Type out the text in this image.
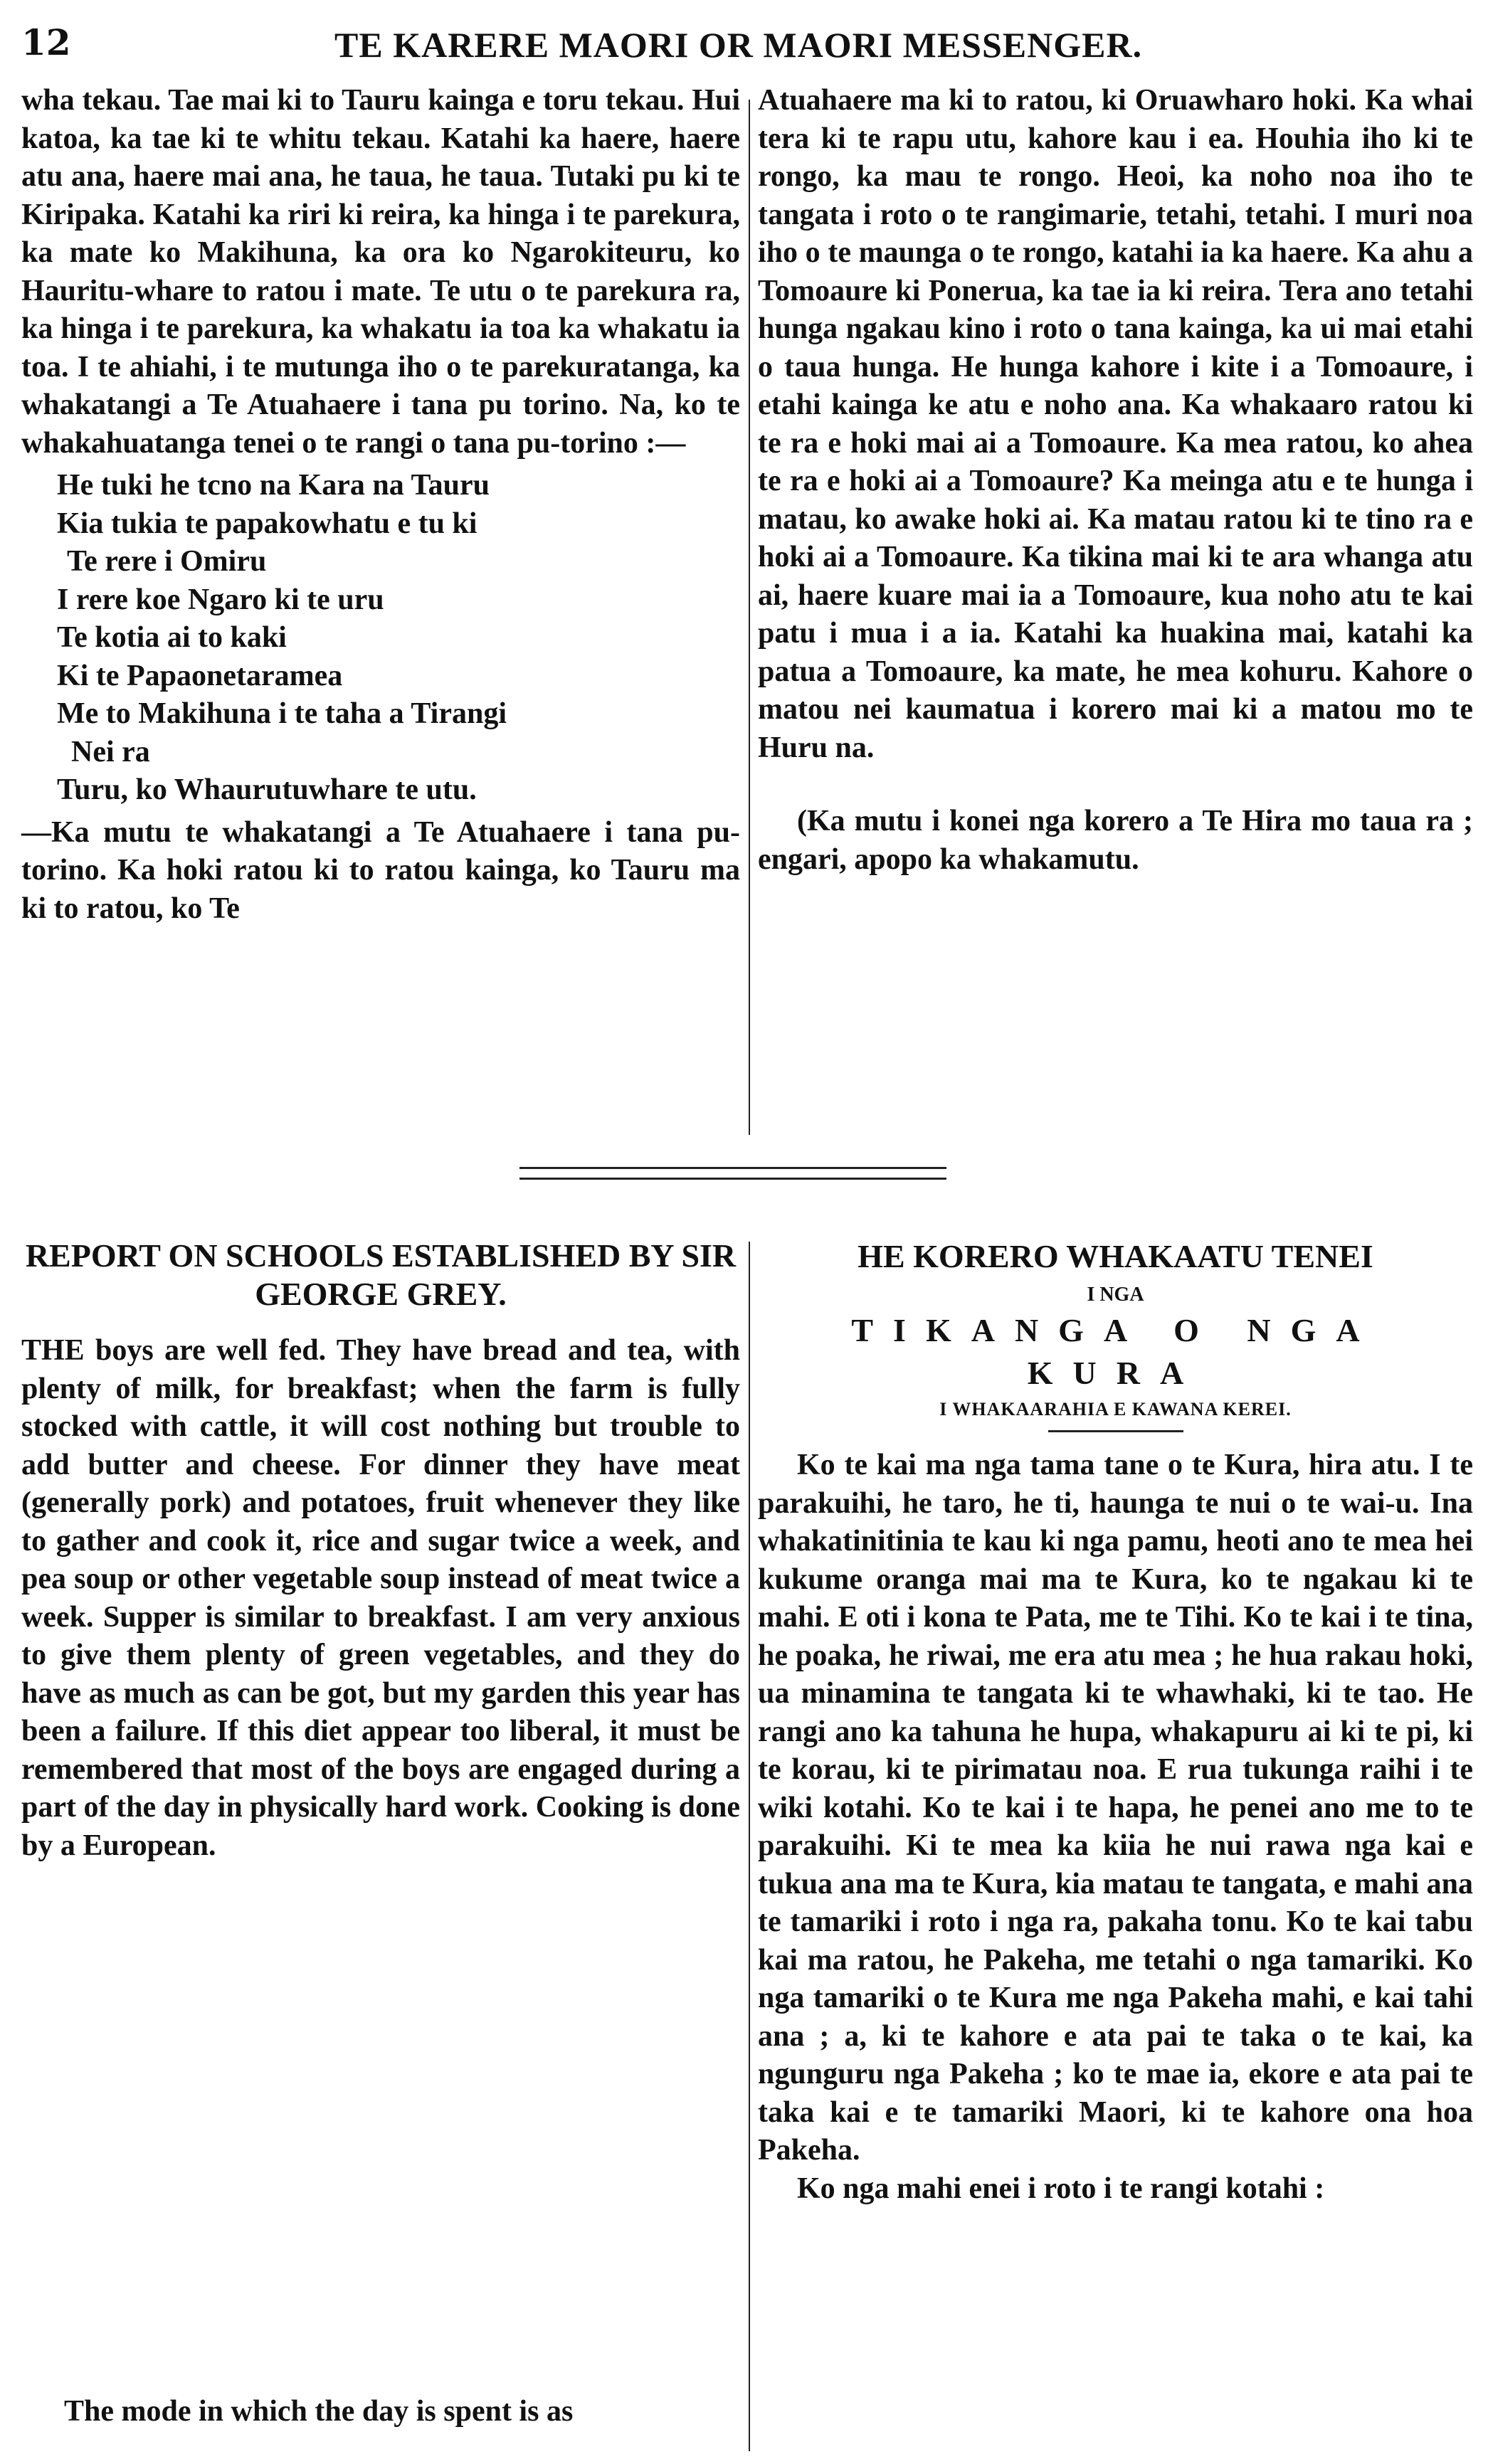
12	TE KARERE MAORI OR MAORI MESSENGER.

wha tekau. Tae mai ki to Tauru kainga e toru tekau. Hui katoa, ka tae ki te whitu tekau. Katahi ka haere, haere atu ana, haere mai ana, he taua, he taua. Tutaki pu ki te Kiripaka. Katahi ka riri ki reira, ka hinga i te parekura, ka mate ko Makihuna, ka ora ko Ngarokiteuru, ko Hauritu-whare to ratou i mate. Te utu o te parekura ra, ka hinga i te parekura, ka whakatu ia toa ka whakatu ia toa. I te ahiahi, i te mutunga iho o te parekuratanga, ka whakatangi a Te Atuahaere i tana pu torino. Na, ko te whakahuatanga tenei o te rangi o tana pu-torino :—

He tuki he tcno na Kara na Tauru
Kia tukia te papakowhatu e tu ki
Te rere i Omiru
I rere koe Ngaro ki te uru
Te kotia ai to kaki
Ki te Papaonetaramea
Me to Makihuna i te taha a Tirangi
Nei ra
Turu, ko Whaurutuwhare te utu.

—Ka mutu te whakatangi a Te Atuahaere i tana pu-torino. Ka hoki ratou ki to ratou kainga, ko Tauru ma ki to ratou, ko Te

Atuahaere ma ki to ratou, ki Oruawharo hoki. Ka whai tera ki te rapu utu, kahore kau i ea. Houhia iho ki te rongo, ka mau te rongo. Heoi, ka noho noa iho te tangata i roto o te rangimarie, tetahi, tetahi. I muri noa iho o te maunga o te rongo, katahi ia ka haere. Ka ahu a Tomoaure ki Ponerua, ka tae ia ki reira. Tera ano tetahi hunga ngakau kino i roto o tana kainga, ka ui mai etahi o taua hunga. He hunga kahore i kite i a Tomoaure, i etahi kainga ke atu e noho ana. Ka whakaaro ratou ki te ra e hoki mai ai a Tomoaure. Ka mea ratou, ko ahea te ra e hoki ai a Tomoaure? Ka meinga atu e te hunga i matau, ko awake hoki ai. Ka matau ratou ki te tino ra e hoki ai a Tomoaure. Ka tikina mai ki te ara whanga atu ai, haere kuare mai ia a Tomoaure, kua noho atu te kai patu i mua i a ia. Katahi ka huakina mai, katahi ka patua a Tomoaure, ka mate, he mea kohuru. Kahore o matou nei kaumatua i korero mai ki a matou mo te Huru na.

(Ka mutu i konei nga korero a Te Hira mo taua ra ; engari, apopo ka whakamutu.

REPORT ON SCHOOLS ESTABLISHED BY SIR GEORGE GREY.

THE boys are well fed. They have bread and tea, with plenty of milk, for breakfast; when the farm is fully stocked with cattle, it will cost nothing but trouble to add butter and cheese. For dinner they have meat (generally pork) and potatoes, fruit whenever they like to gather and cook it, rice and sugar twice a week, and pea soup or other vegetable soup instead of meat twice a week. Supper is similar to breakfast. I am very anxious to give them plenty of green vegetables, and they do have as much as can be got, but my garden this year has been a failure. If this diet appear too liberal, it must be remembered that most of the boys are engaged during a part of the day in physically hard work. Cooking is done by a European.

HE KORERO WHAKAATU TENEI
I NGA
TIKANGA O NGA KURA
I WHAKAARAHIA E KAWANA KEREI.

Ko te kai ma nga tama tane o te Kura, hira atu. I te parakuihi, he taro, he ti, haunga te nui o te wai-u. Ina whakatinitinia te kau ki nga pamu, heoti ano te mea hei kukume oranga mai ma te Kura, ko te ngakau ki te mahi. E oti i kona te Pata, me te Tihi. Ko te kai i te tina, he poaka, he riwai, me era atu mea ; he hua rakau hoki, ua minamina te tangata ki te whawhaki, ki te tao. He rangi ano ka tahuna he hupa, whakapuru ai ki te pi, ki te korau, ki te pirimatau noa. E rua tukunga raihi i te wiki kotahi. Ko te kai i te hapa, he penei ano me to te parakuihi. Ki te mea ka kiia he nui rawa nga kai e tukua ana ma te Kura, kia matau te tangata, e mahi ana te tamariki i roto i nga ra, pakaha tonu. Ko te kai tabu kai ma ratou, he Pakeha, me tetahi o nga tamariki. Ko nga tamariki o te Kura me nga Pakeha mahi, e kai tahi ana ; a, ki te kahore e ata pai te taka o te kai, ka ngunguru nga Pakeha ; ko te mae ia, ekore e ata pai te taka kai e te tamariki Maori, ki te kahore ona hoa Pakeha.

Ko nga mahi enei i roto i te rangi kotahi :

The mode in which the day is spent is as
